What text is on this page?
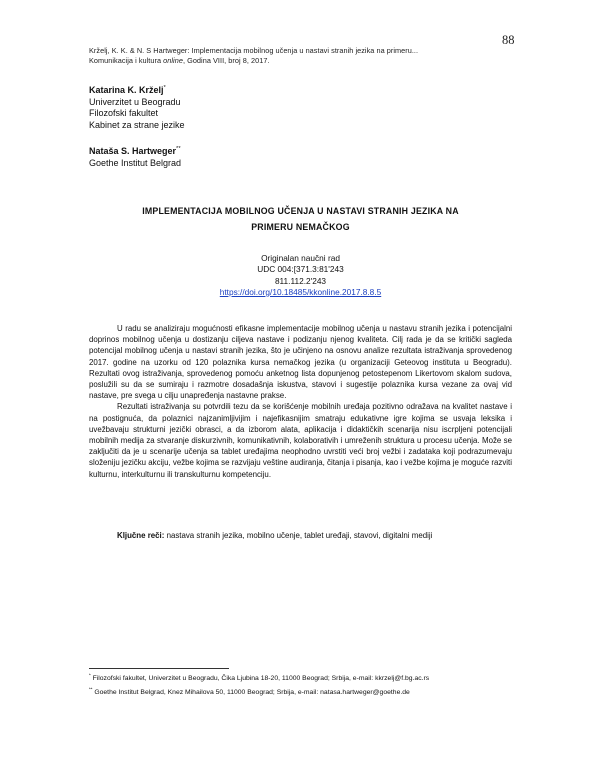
88
Krželj, K. K. & N. S Hartweger: Implementacija mobilnog učenja u nastavi stranih jezika na primeru...
Komunikacija i kultura online, Godina VIII, broj 8, 2017.
Katarina K. Krželj*
Univerzitet u Beogradu
Filozofski fakultet
Kabinet za strane jezike
Nataša S. Hartweger**
Goethe Institut Belgrad
IMPLEMENTACIJA MOBILNOG UČENJA U NASTAVI STRANIH JEZIKA NA
PRIMERU NEMAČKOG
Originalan naučni rad
UDC 004:[371.3:81'243
811.112.2'243
https://doi.org/10.18485/kkonline.2017.8.8.5

U radu se analiziraju mogućnosti efikasne implementacije mobilnog učenja u nastavu stranih jezika i potencijalni doprinos mobilnog učenja u dostizanju ciljeva nastave i podizanju njenog kvaliteta. Cilj rada je da se kritički sagleda potencijal mobilnog učenja u nastavi stranih jezika, što je učinjeno na osnovu analize rezultata istraživanja sprovedenog 2017. godine na uzorku od 120 polaznika kursa nemačkog jezika (u organizaciji Geteovog instituta u Beogradu). Rezultati ovog istraživanja, sprovedenog pomoću anketnog lista dopunjenog petostepenom Likertovom skalom sudova, poslužili su da se sumiraju i razmotre dosadašnja iskustva, stavovi i sugestije polaznika kursa vezane za ovaj vid nastave, pre svega u cilju unapređenja nastavne prakse.

Rezultati istraživanja su potvrdili tezu da se korišćenje mobilnih uređaja pozitivno odražava na kvalitet nastave i na postignuća, da polaznici najzanimljivijim i najefikasnijim smatraju edukativne igre kojima se usvaja leksika i uvežbavaju strukturni jezički obrasci, a da izborom alata, aplikacija i didaktičkih scenarija nisu iscrpljeni potencijali mobilnih medija za stvaranje diskurzivnih, komunikativnih, kolaborativih i umreženih struktura u procesu učenja. Može se zaključiti da je u scenarije učenja sa tablet uređajima neophodno uvrstiti veći broj vežbi i zadataka koji podrazumevaju složeniju jezičku akciju, vežbe kojima se razvijaju veštine audiranja, čitanja i pisanja, kao i vežbe kojima je moguće razviti kulturnu, interkulturnu ili transkulturnu kompetenciju.

Ključne reči: nastava stranih jezika, mobilno učenje, tablet uređaji, stavovi, digitalni mediji

* Filozofski fakultet, Univerzitet u Beogradu, Čika Ljubina 18-20, 11000 Beograd; Srbija, e-mail: kkrzelj@f.bg.ac.rs

** Goethe Institut Belgrad, Knez Mihailova 50, 11000 Beograd; Srbija, e-mail: natasa.hartweger@goethe.de
